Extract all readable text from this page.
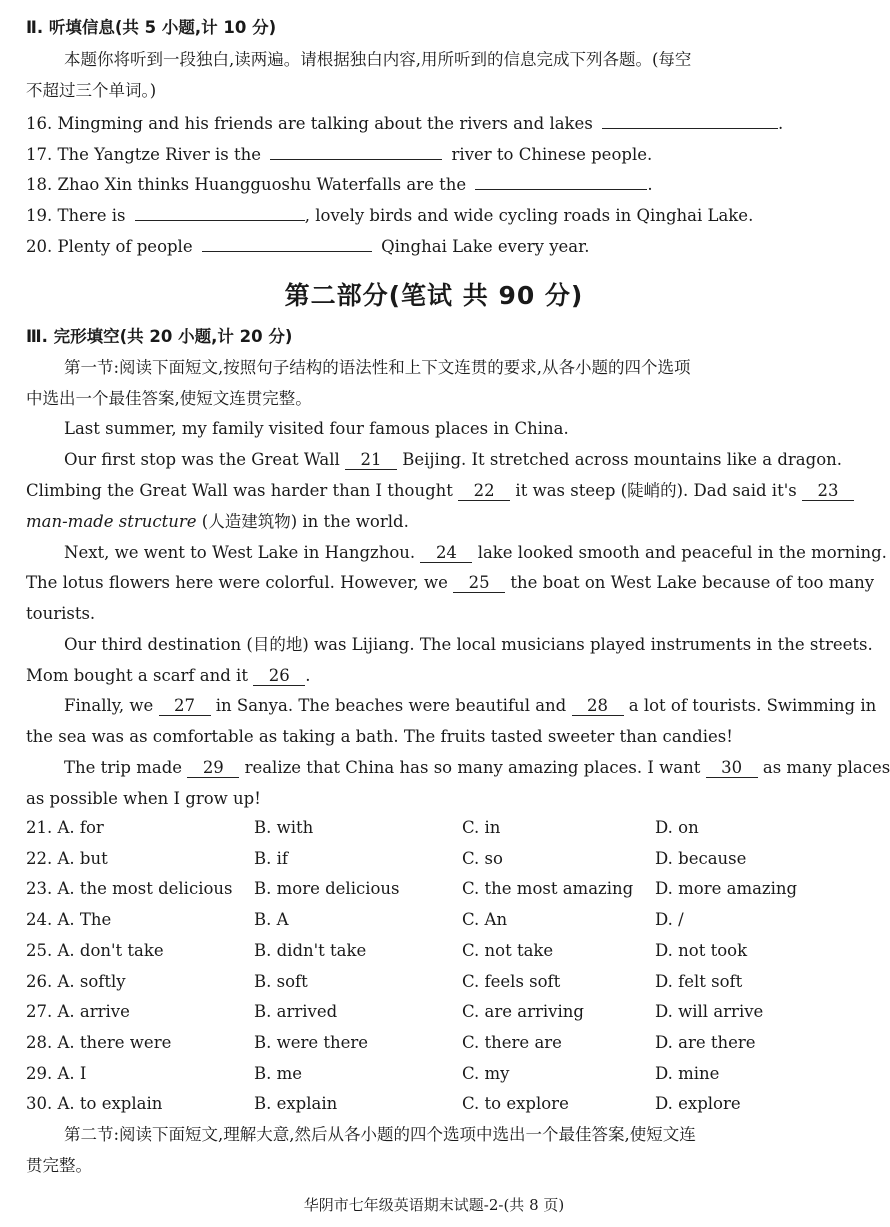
Ⅱ. 听填信息(共 5 小题,计 10 分)
本题你将听到一段独白,读两遍。请根据独白内容,用所听到的信息完成下列各题。(每空
不超过三个单词。)
16. Mingming and his friends are talking about the rivers and lakes	.
17. The Yangtze River is the	river to Chinese people.
18. Zhao Xin thinks Huangguoshu Waterfalls are the	.
19. There is	, lovely birds and wide cycling roads in Qinghai Lake.
20. Plenty of people	Qinghai Lake every year.
第二部分(笔试 共 90 分)
Ⅲ. 完形填空(共 20 小题,计 20 分)
第一节:阅读下面短文,按照句子结构的语法性和上下文连贯的要求,从各小题的四个选项
中选出一个最佳答案,使短文连贯完整。
Last summer, my family visited four famous places in China.
Our first stop was the Great Wall 21 Beijing. It stretched across mountains like a dragon.
Climbing the Great Wall was harder than I thought 22 it was steep (陡峭的). Dad said it's 23
man-made structure (人造建筑物) in the world.
Next, we went to West Lake in Hangzhou. 24 lake looked smooth and peaceful in the morning.
The lotus flowers here were colorful. However, we 25 the boat on West Lake because of too many
tourists.
Our third destination (目的地) was Lijiang. The local musicians played instruments in the streets.
Mom bought a scarf and it 26 .
Finally, we 27 in Sanya. The beaches were beautiful and 28 a lot of tourists. Swimming in
the sea was as comfortable as taking a bath. The fruits tasted sweeter than candies!
The trip made 29 realize that China has so many amazing places. I want 30 as many places
as possible when I grow up!
21. A. for	B. with	C. in	D. on
22. A. but	B. if	C. so	D. because
23. A. the most delicious B. more delicious	C. the most amazing D. more amazing
24. A. The	B. A	C. An	D. /
25. A. don't take	B. didn't take	C. not take	D. not took
26. A. softly	B. soft	C. feels soft	D. felt soft
27. A. arrive	B. arrived	C. are arriving	D. will arrive
28. A. there were	B. were there	C. there are	D. are there
29. A. I	B. me	C. my	D. mine
30. A. to explain	B. explain	C. to explore	D. explore
第二节:阅读下面短文,理解大意,然后从各小题的四个选项中选出一个最佳答案,使短文连
贯完整。
华阴市七年级英语期末试题-2-(共 8 页)
